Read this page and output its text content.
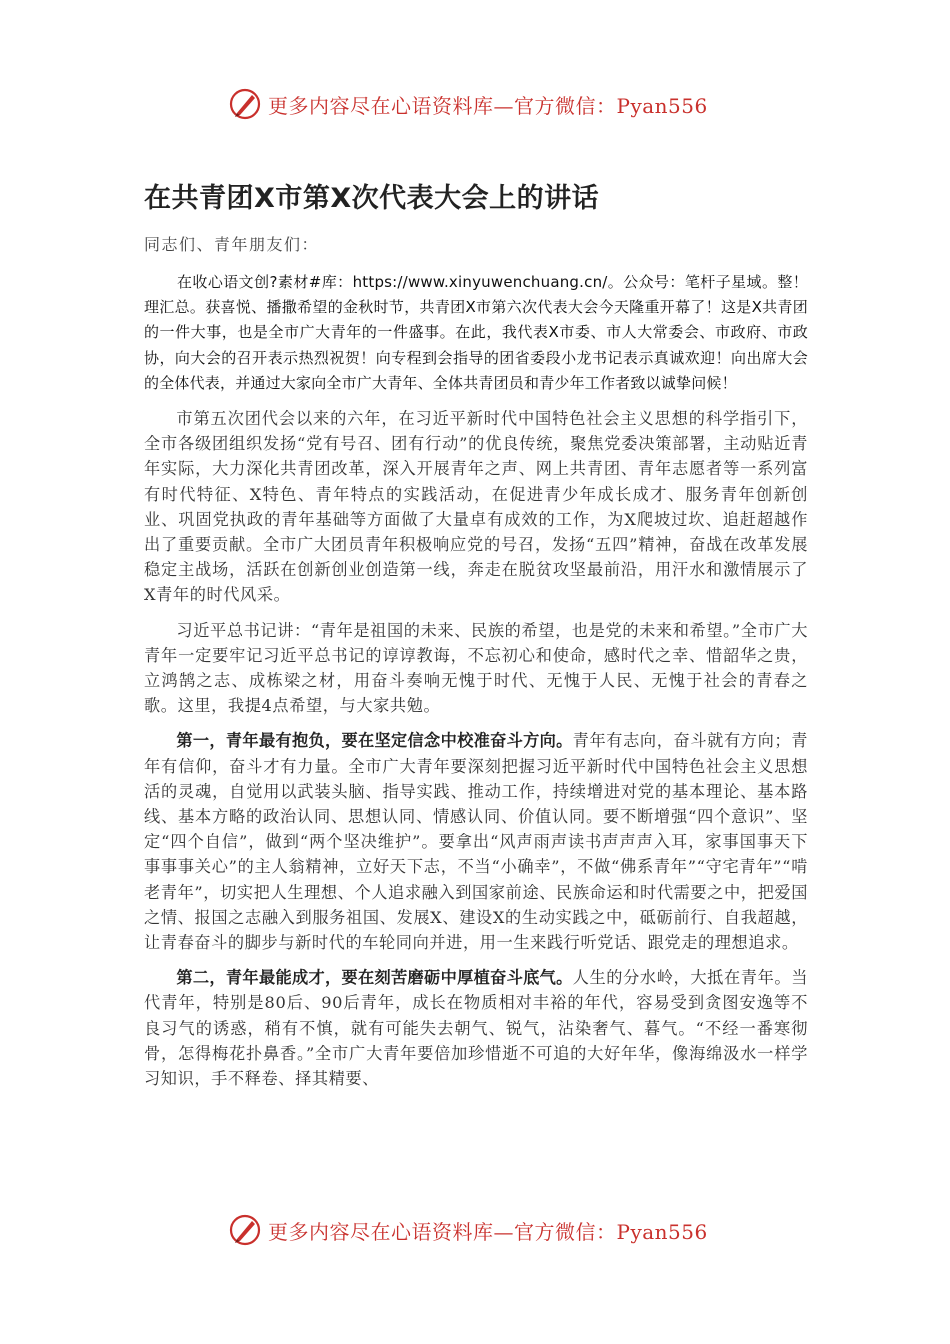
更多内容尽在心语资料库—官方微信：Pyan556
在共青团X市第X次代表大会上的讲话

同志们、青年朋友们：

在收心语文创?素材#库：https://www.xinyuwenchuang.cn/。公众号：笔杆子星域。整！理汇总。获喜悦、播撒希望的金秋时节，共青团X市第六次代表大会今天隆重开幕了！这是X共青团的一件大事，也是全市广大青年的一件盛事。在此，我代表X市委、市人大常委会、市政府、市政协，向大会的召开表示热烈祝贺！向专程到会指导的团省委段小龙书记表示真诚欢迎！向出席大会的全体代表，并通过大家向全市广大青年、全体共青团员和青少年工作者致以诚挚问候！

市第五次团代会以来的六年，在习近平新时代中国特色社会主义思想的科学指引下，全市各级团组织发扬“党有号召、团有行动”的优良传统，聚焦党委决策部署，主动贴近青年实际，大力深化共青团改革，深入开展青年之声、网上共青团、青年志愿者等一系列富有时代特征、X特色、青年特点的实践活动，在促进青少年成长成才、服务青年创新创业、巩固党执政的青年基础等方面做了大量卓有成效的工作，为X爬坡过坎、追赶超越作出了重要贡献。全市广大团员青年积极响应党的号召，发扬“五四”精神，奋战在改革发展稳定主战场，活跃在创新创业创造第一线，奔走在脱贫攻坚最前沿，用汗水和激情展示了X青年的时代风采。

习近平总书记讲：“青年是祖国的未来、民族的希望，也是党的未来和希望。”全市广大青年一定要牢记习近平总书记的谆谆教诲，不忘初心和使命，感时代之幸、惜韶华之贵，立鸿鹄之志、成栋梁之材，用奋斗奏响无愧于时代、无愧于人民、无愧于社会的青春之歌。这里，我提4点希望，与大家共勉。

第一，青年最有抱负，要在坚定信念中校准奋斗方向。青年有志向，奋斗就有方向；青年有信仰，奋斗才有力量。全市广大青年要深刻把握习近平新时代中国特色社会主义思想活的灵魂，自觉用以武装头脑、指导实践、推动工作，持续增进对党的基本理论、基本路线、基本方略的政治认同、思想认同、情感认同、价值认同。要不断增强“四个意识”、坚定“四个自信”，做到“两个坚决维护”。要拿出“风声雨声读书声声声入耳，家事国事天下事事事关心”的主人翁精神，立好天下志，不当“小确幸”，不做“佛系青年”“守宅青年”“啃老青年”，切实把人生理想、个人追求融入到国家前途、民族命运和时代需要之中，把爱国之情、报国之志融入到服务祖国、发展X、建设X的生动实践之中，砥砺前行、自我超越，让青春奋斗的脚步与新时代的车轮同向并进，用一生来践行听党话、跟党走的理想追求。

第二，青年最能成才，要在刻苦磨砺中厚植奋斗底气。人生的分水岭，大抵在青年。当代青年，特别是80后、90后青年，成长在物质相对丰裕的年代，容易受到贪图安逸等不良习气的诱惑，稍有不慎，就有可能失去朝气、锐气，沾染奢气、暮气。“不经一番寒彻骨，怎得梅花扑鼻香。”全市广大青年要倍加珍惜逝不可追的大好年华，像海绵汲水一样学习知识，手不释卷、择其精要、

更多内容尽在心语资料库—官方微信：Pyan556
